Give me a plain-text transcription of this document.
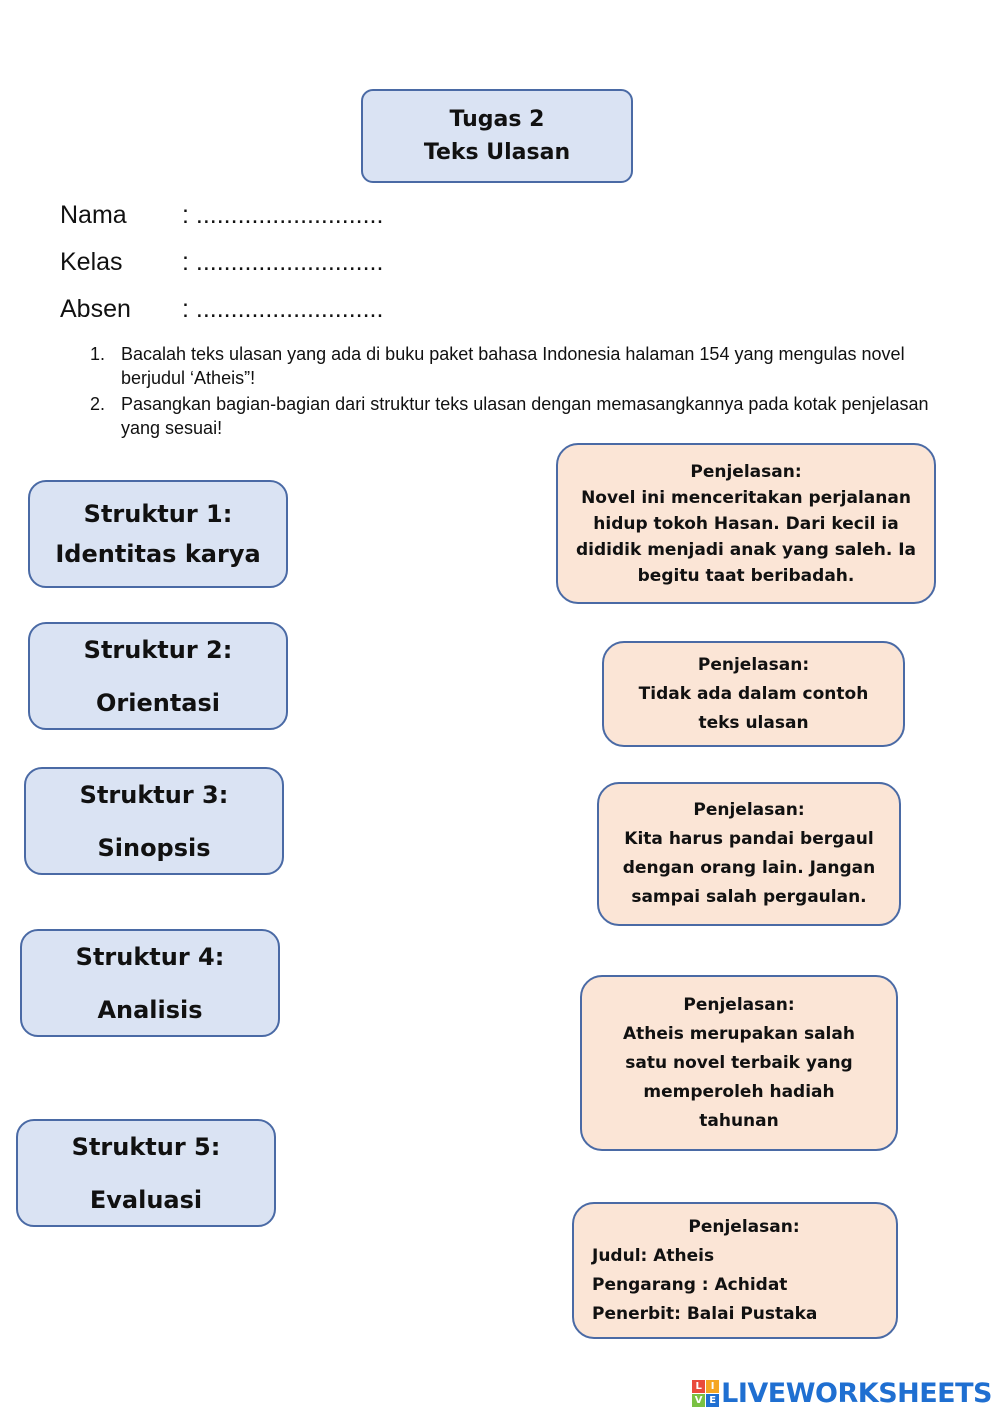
Tugas 2
Teks Ulasan
Nama : ...........................
Kelas : ...........................
Absen : ...........................
1. Bacalah teks ulasan yang ada di buku paket bahasa Indonesia halaman 154 yang mengulas novel berjudul ‘Atheis”!
2. Pasangkan bagian-bagian dari struktur teks ulasan dengan memasangkannya pada kotak penjelasan yang sesuai!
Struktur 1:
Identitas karya
Struktur 2:
Orientasi
Struktur 3:
Sinopsis
Struktur 4:
Analisis
Struktur 5:
Evaluasi
Penjelasan:
Novel ini menceritakan perjalanan
hidup tokoh Hasan. Dari kecil ia
dididik menjadi anak yang saleh. Ia
begitu taat beribadah.
Penjelasan:
Tidak ada dalam contoh
teks ulasan
Penjelasan:
Kita harus pandai bergaul
dengan orang lain. Jangan
sampai salah pergaulan.
Penjelasan:
Atheis merupakan salah
satu novel terbaik yang
memperoleh hadiah
tahunan
Penjelasan:
Judul: Atheis
Pengarang : Achidat
Penerbit: Balai Pustaka
L I
V E LIVEWORKSHEETS
